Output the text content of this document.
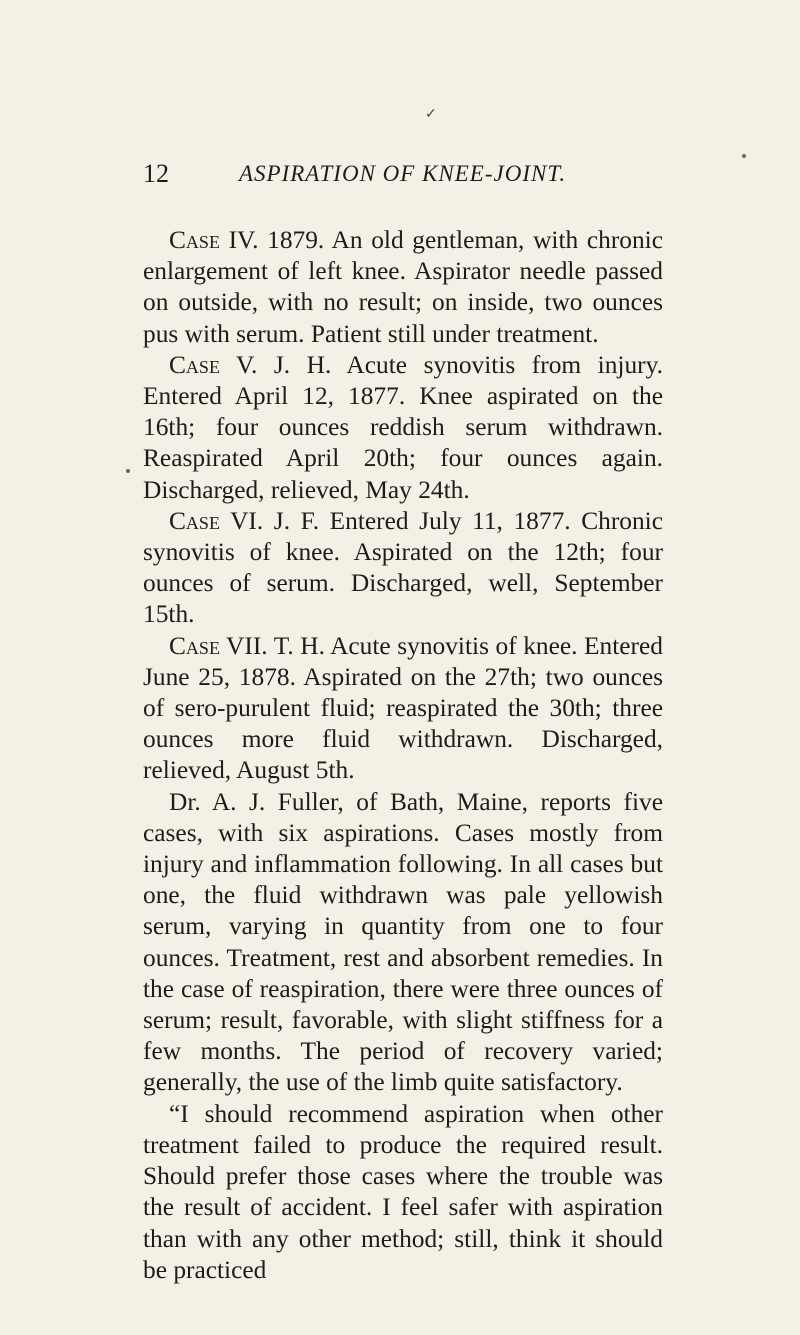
✓
12	ASPIRATION OF KNEE-JOINT.

Case IV. 1879. An old gentleman, with chronic enlargement of left knee. Aspirator needle passed on outside, with no result; on inside, two ounces pus with serum. Patient still under treatment.

Case V. J. H. Acute synovitis from injury. Entered April 12, 1877. Knee aspirated on the 16th; four ounces reddish serum withdrawn. Reaspirated April 20th; four ounces again. Discharged, relieved, May 24th.

Case VI. J. F. Entered July 11, 1877. Chronic synovitis of knee. Aspirated on the 12th; four ounces of serum. Discharged, well, September 15th.

Case VII. T. H. Acute synovitis of knee. Entered June 25, 1878. Aspirated on the 27th; two ounces of sero-purulent fluid; reaspirated the 30th; three ounces more fluid withdrawn. Discharged, relieved, August 5th.

Dr. A. J. Fuller, of Bath, Maine, reports five cases, with six aspirations. Cases mostly from injury and inflammation following. In all cases but one, the fluid withdrawn was pale yellowish serum, varying in quantity from one to four ounces. Treatment, rest and absorbent remedies. In the case of reaspiration, there were three ounces of serum; result, favorable, with slight stiffness for a few months. The period of recovery varied; generally, the use of the limb quite satisfactory.

“I should recommend aspiration when other treatment failed to produce the required result. Should prefer those cases where the trouble was the result of accident. I feel safer with aspiration than with any other method; still, think it should be practiced
